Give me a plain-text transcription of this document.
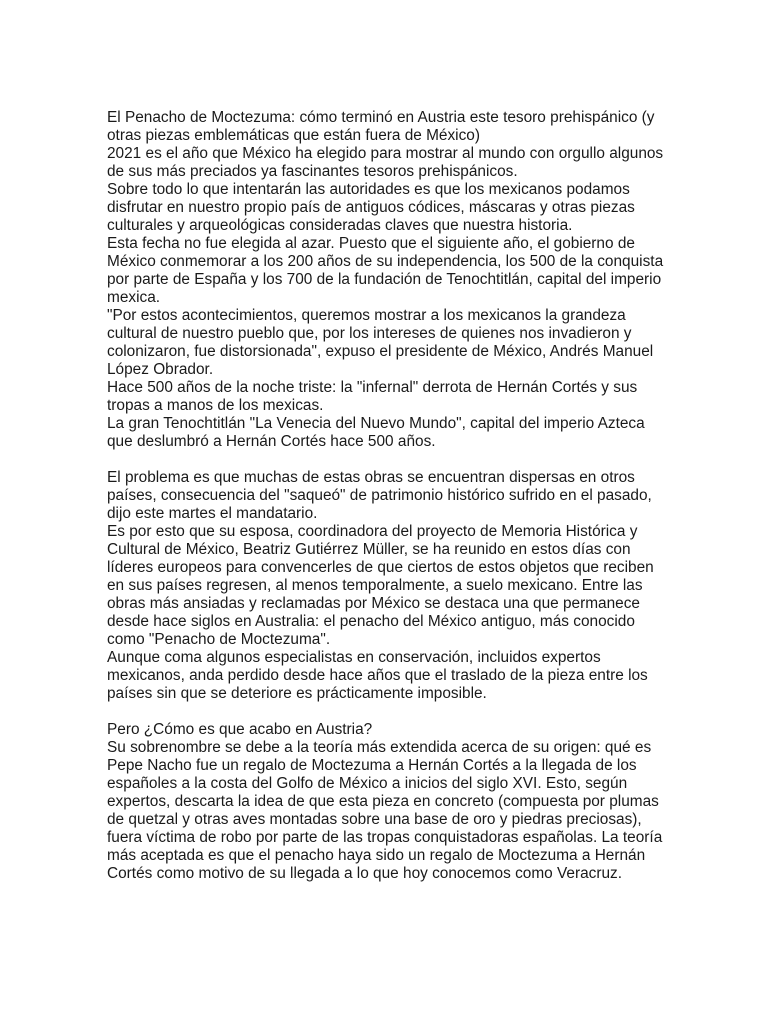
El Penacho de Moctezuma: cómo terminó en Austria este tesoro prehispánico (y
otras piezas emblemáticas que están fuera de México)
2021 es el año que México ha elegido para mostrar al mundo con orgullo algunos
de sus más preciados ya fascinantes tesoros prehispánicos.
Sobre todo lo que intentarán las autoridades es que los mexicanos podamos
disfrutar en nuestro propio país de antiguos códices, máscaras y otras piezas
culturales y arqueológicas consideradas claves que nuestra historia.
Esta fecha no fue elegida al azar. Puesto que el siguiente año, el gobierno de
México conmemorar a los 200 años de su independencia, los 500 de la conquista
por parte de España y los 700 de la fundación de Tenochtitlán, capital del imperio
mexica.
"Por estos acontecimientos, queremos mostrar a los mexicanos la grandeza
cultural de nuestro pueblo que, por los intereses de quienes nos invadieron y
colonizaron, fue distorsionada", expuso el presidente de México, Andrés Manuel
López Obrador.
Hace 500 años de la noche triste: la "infernal" derrota de Hernán Cortés y sus
tropas a manos de los mexicas.
La gran Tenochtitlán "La Venecia del Nuevo Mundo", capital del imperio Azteca
que deslumbró a Hernán Cortés hace 500 años.
El problema es que muchas de estas obras se encuentran dispersas en otros
países, consecuencia del "saqueó" de patrimonio histórico sufrido en el pasado,
dijo este martes el mandatario.
Es por esto que su esposa, coordinadora del proyecto de Memoria Histórica y
Cultural de México, Beatriz Gutiérrez Müller, se ha reunido en estos días con
líderes europeos para convencerles de que ciertos de estos objetos que reciben
en sus países regresen, al menos temporalmente, a suelo mexicano. Entre las
obras más ansiadas y reclamadas por México se destaca una que permanece
desde hace siglos en Australia: el penacho del México antiguo, más conocido
como "Penacho de Moctezuma".
Aunque coma algunos especialistas en conservación, incluidos expertos
mexicanos, anda perdido desde hace años que el traslado de la pieza entre los
países sin que se deteriore es prácticamente imposible.
Pero ¿Cómo es que acabo en Austria?
Su sobrenombre se debe a la teoría más extendida acerca de su origen: qué es
Pepe Nacho fue un regalo de Moctezuma a Hernán Cortés a la llegada de los
españoles a la costa del Golfo de México a inicios del siglo XVI. Esto, según
expertos, descarta la idea de que esta pieza en concreto (compuesta por plumas
de quetzal y otras aves montadas sobre una base de oro y piedras preciosas),
fuera víctima de robo por parte de las tropas conquistadoras españolas. La teoría
más aceptada es que el penacho haya sido un regalo de Moctezuma a Hernán
Cortés como motivo de su llegada a lo que hoy conocemos como Veracruz.
